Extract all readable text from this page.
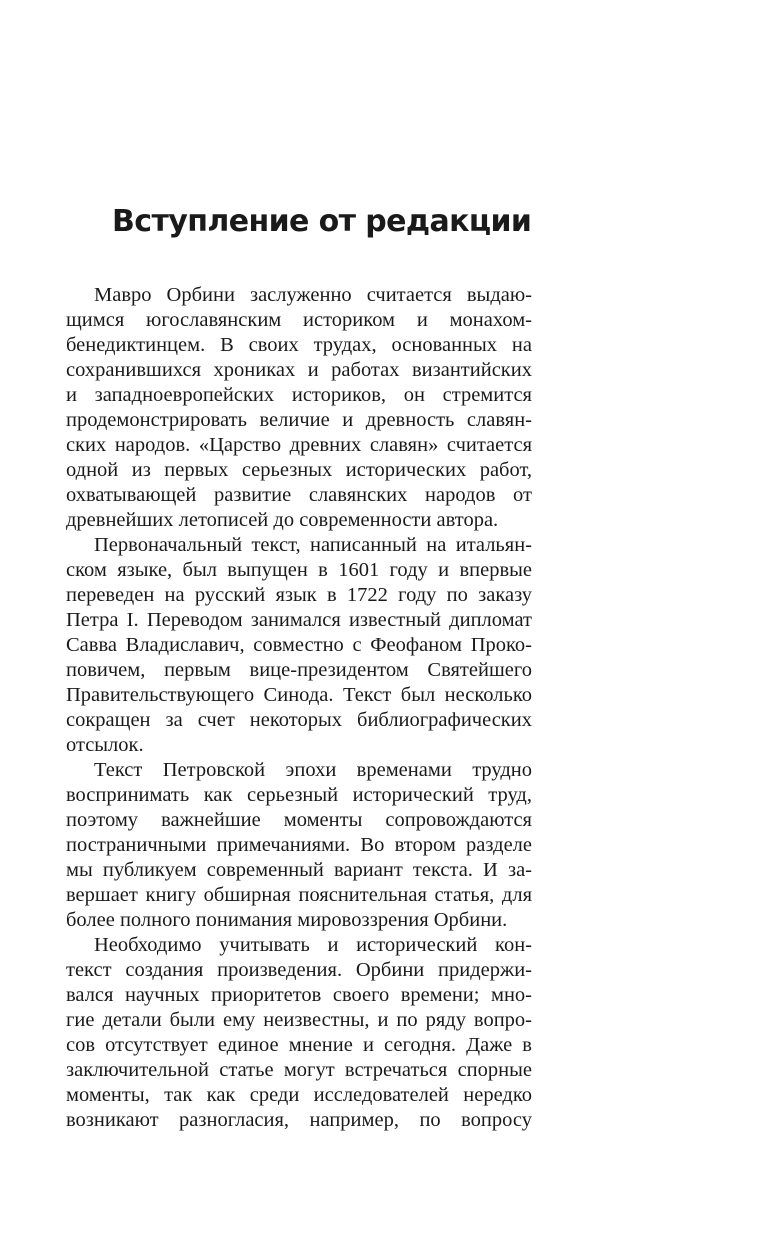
Вступление от редакции
Мавро Орбини заслуженно считается выдаю-
щимся югославянским историком и монахом-
бенедиктинцем. В своих трудах, основанных на
сохранившихся хрониках и работах византийских
и западноевропейских историков, он стремится
продемонстрировать величие и древность славян-
ских народов. «Царство древних славян» считается
одной из первых серьезных исторических работ,
охватывающей развитие славянских народов от
древнейших летописей до современности автора.
Первоначальный текст, написанный на итальян-
ском языке, был выпущен в 1601 году и впервые
переведен на русский язык в 1722 году по заказу
Петра I. Переводом занимался известный дипломат
Савва Владиславич, совместно с Феофаном Проко-
повичем, первым вице-президентом Святейшего
Правительствующего Синода. Текст был несколько
сокращен за счет некоторых библиографических
отсылок.
Текст Петровской эпохи временами трудно
воспринимать как серьезный исторический труд,
поэтому важнейшие моменты сопровождаются
постраничными примечаниями. Во втором разделе
мы публикуем современный вариант текста. И за-
вершает книгу обширная пояснительная статья, для
более полного понимания мировоззрения Орбини.
Необходимо учитывать и исторический кон-
текст создания произведения. Орбини придержи-
вался научных приоритетов своего времени; мно-
гие детали были ему неизвестны, и по ряду вопро-
сов отсутствует единое мнение и сегодня. Даже в
заключительной статье могут встречаться спорные
моменты, так как среди исследователей нередко
возникают разногласия, например, по вопросу
